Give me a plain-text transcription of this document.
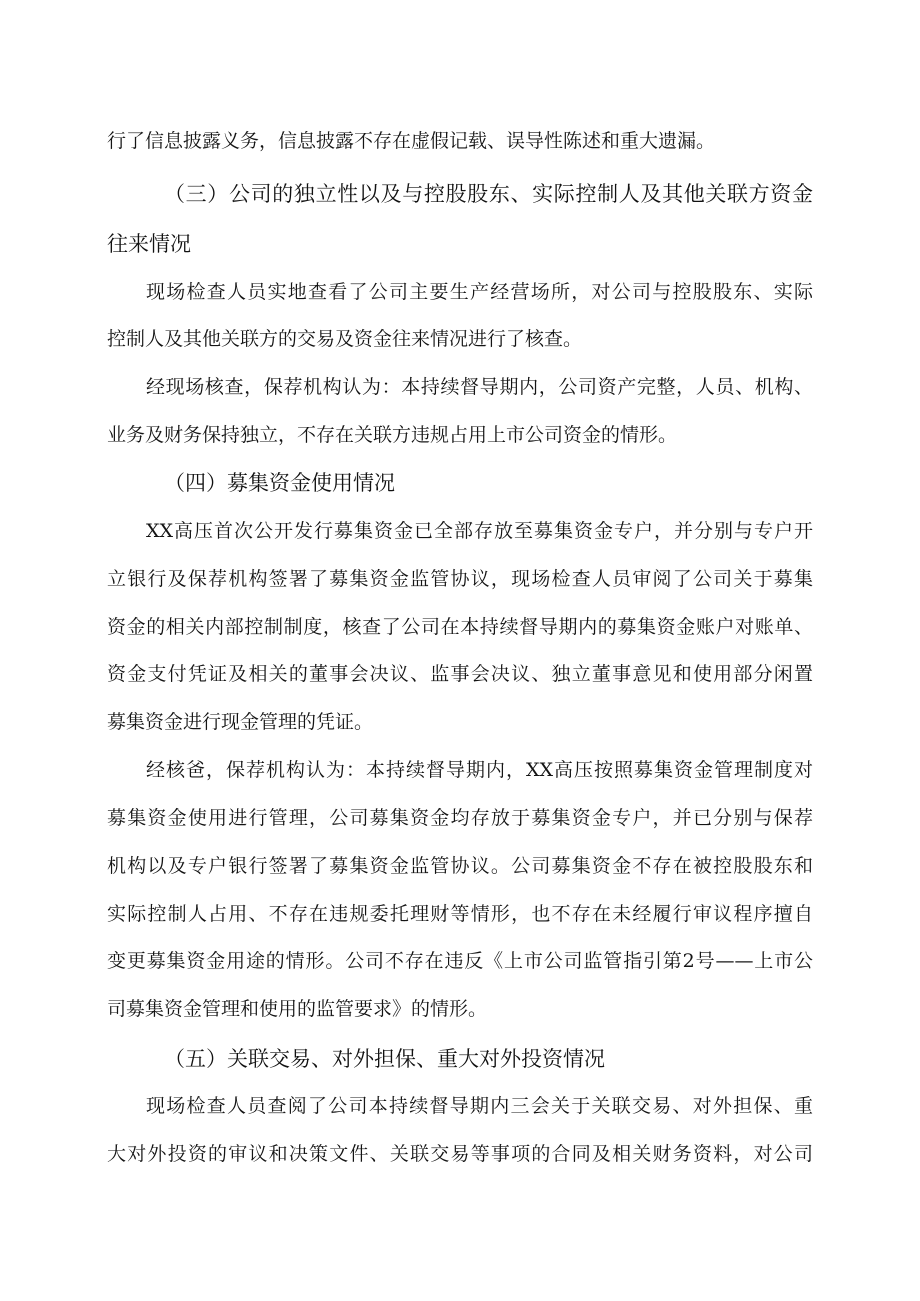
行了信息披露义务，信息披露不存在虚假记载、误导性陈述和重大遗漏。
（三）公司的独立性以及与控股股东、实际控制人及其他关联方资金
往来情况
现场检查人员实地查看了公司主要生产经营场所，对公司与控股股东、实际
控制人及其他关联方的交易及资金往来情况进行了核查。
经现场核查，保荐机构认为：本持续督导期内，公司资产完整，人员、机构、
业务及财务保持独立，不存在关联方违规占用上市公司资金的情形。
（四）募集资金使用情况
XX高压首次公开发行募集资金已全部存放至募集资金专户，并分别与专户开
立银行及保荐机构签署了募集资金监管协议，现场检查人员审阅了公司关于募集
资金的相关内部控制制度，核查了公司在本持续督导期内的募集资金账户对账单、
资金支付凭证及相关的董事会决议、监事会决议、独立董事意见和使用部分闲置
募集资金进行现金管理的凭证。
经核爸，保荐机构认为：本持续督导期内，XX高压按照募集资金管理制度对
募集资金使用进行管理，公司募集资金均存放于募集资金专户，并已分别与保荐
机构以及专户银行签署了募集资金监管协议。公司募集资金不存在被控股股东和
实际控制人占用、不存在违规委托理财等情形，也不存在未经履行审议程序擅自
变更募集资金用途的情形。公司不存在违反《上市公司监管指引第2号——上市公
司募集资金管理和使用的监管要求》的情形。
（五）关联交易、对外担保、重大对外投资情况
现场检查人员查阅了公司本持续督导期内三会关于关联交易、对外担保、重
大对外投资的审议和决策文件、关联交易等事项的合同及相关财务资料，对公司
